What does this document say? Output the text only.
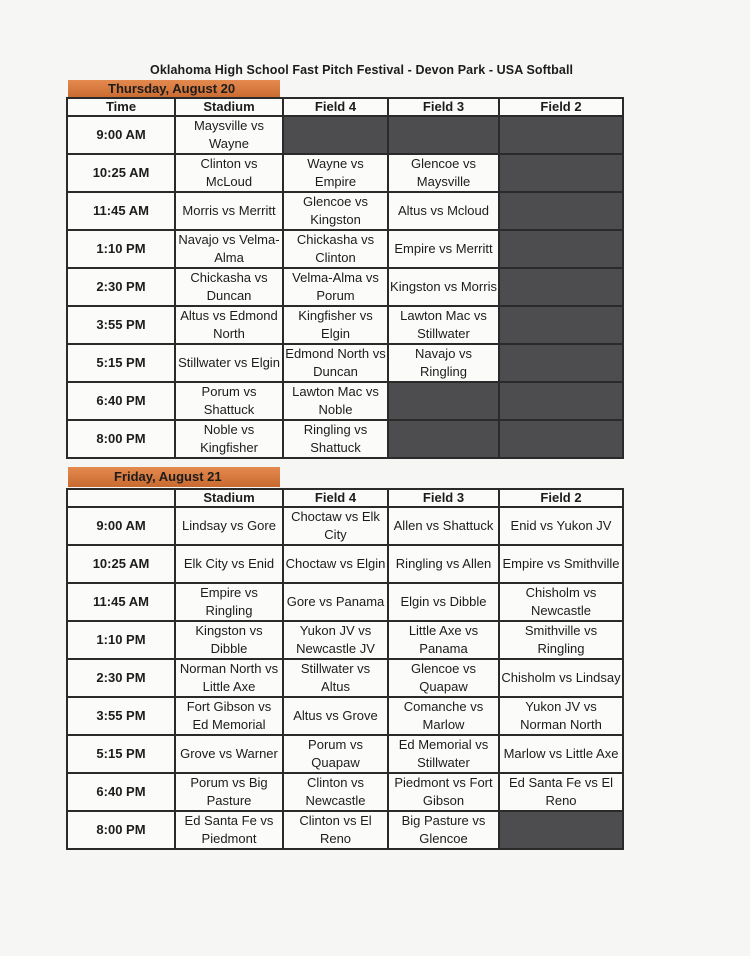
Oklahoma High School Fast Pitch Festival - Devon Park - USA Softball
Thursday, August 20
Time	Stadium	Field 4	Field 3	Field 2
9:00 AM	Maysville vs Wayne			
10:25 AM	Clinton vs McLoud	Wayne vs Empire	Glencoe vs Maysville	
11:45 AM	Morris vs Merritt	Glencoe vs Kingston	Altus vs Mcloud	
1:10 PM	Navajo vs Velma-Alma	Chickasha vs Clinton	Empire vs Merritt	
2:30 PM	Chickasha vs Duncan	Velma-Alma vs Porum	Kingston vs Morris	
3:55 PM	Altus vs Edmond North	Kingfisher vs Elgin	Lawton Mac vs Stillwater	
5:15 PM	Stillwater vs Elgin	Edmond North vs Duncan	Navajo vs Ringling	
6:40 PM	Porum vs Shattuck	Lawton Mac vs Noble		
8:00 PM	Noble vs Kingfisher	Ringling vs Shattuck		
Friday, August 21
	Stadium	Field 4	Field 3	Field 2
9:00 AM	Lindsay vs Gore	Choctaw vs Elk City	Allen vs Shattuck	Enid vs Yukon JV
10:25 AM	Elk City vs Enid	Choctaw vs Elgin	Ringling vs Allen	Empire vs Smithville
11:45 AM	Empire vs Ringling	Gore vs Panama	Elgin vs Dibble	Chisholm vs Newcastle
1:10 PM	Kingston vs Dibble	Yukon JV vs Newcastle JV	Little Axe vs Panama	Smithville vs Ringling
2:30 PM	Norman North vs Little Axe	Stillwater vs Altus	Glencoe vs Quapaw	Chisholm vs Lindsay
3:55 PM	Fort Gibson vs Ed Memorial	Altus vs Grove	Comanche vs Marlow	Yukon JV vs Norman North
5:15 PM	Grove vs Warner	Porum vs Quapaw	Ed Memorial vs Stillwater	Marlow vs Little Axe
6:40 PM	Porum vs Big Pasture	Clinton vs Newcastle	Piedmont vs Fort Gibson	Ed Santa Fe vs El Reno
8:00 PM	Ed Santa Fe vs Piedmont	Clinton vs El Reno	Big Pasture vs Glencoe	
